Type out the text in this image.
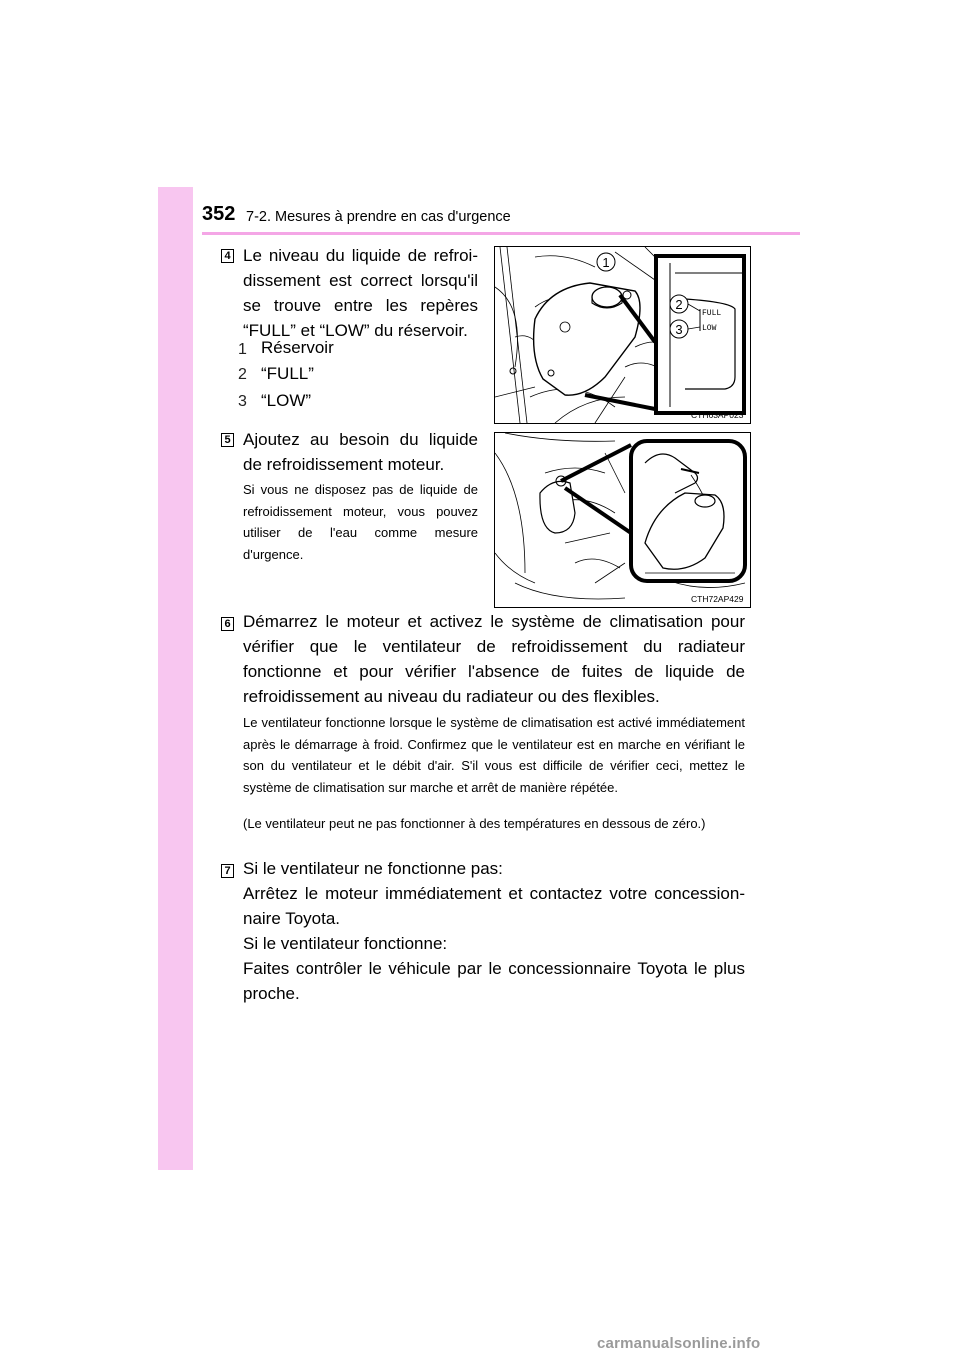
352 7-2. Mesures à prendre en cas d'urgence
4 Le niveau du liquide de refroi-dissement est correct lorsqu'il se trouve entre les repères “FULL” et “LOW” du réservoir.
1 Réservoir
2 “FULL”
3 “LOW”
FULL
LOW
1
2
3
CTH63AP023
5 Ajoutez au besoin du liquide de refroidissement moteur.
Si vous ne disposez pas de liquide de refroidissement moteur, vous pouvez utiliser de l'eau comme mesure d'urgence.
CTH72AP429
6 Démarrez le moteur et activez le système de climatisation pour vérifier que le ventilateur de refroidissement du radiateur fonctionne et pour vérifier l'absence de fuites de liquide de refroidissement au niveau du radiateur ou des flexibles.
Le ventilateur fonctionne lorsque le système de climatisation est activé immédiatement après le démarrage à froid. Confirmez que le ventilateur est en marche en vérifiant le son du ventilateur et le débit d'air. S'il vous est difficile de vérifier ceci, mettez le système de climatisation sur marche et arrêt de manière répétée.
(Le ventilateur peut ne pas fonctionner à des températures en dessous de zéro.)
7 Si le ventilateur ne fonctionne pas:
Arrêtez le moteur immédiatement et contactez votre concession-naire Toyota.
Si le ventilateur fonctionne:
Faites contrôler le véhicule par le concessionnaire Toyota le plus proche.
carmanualsonline.info
